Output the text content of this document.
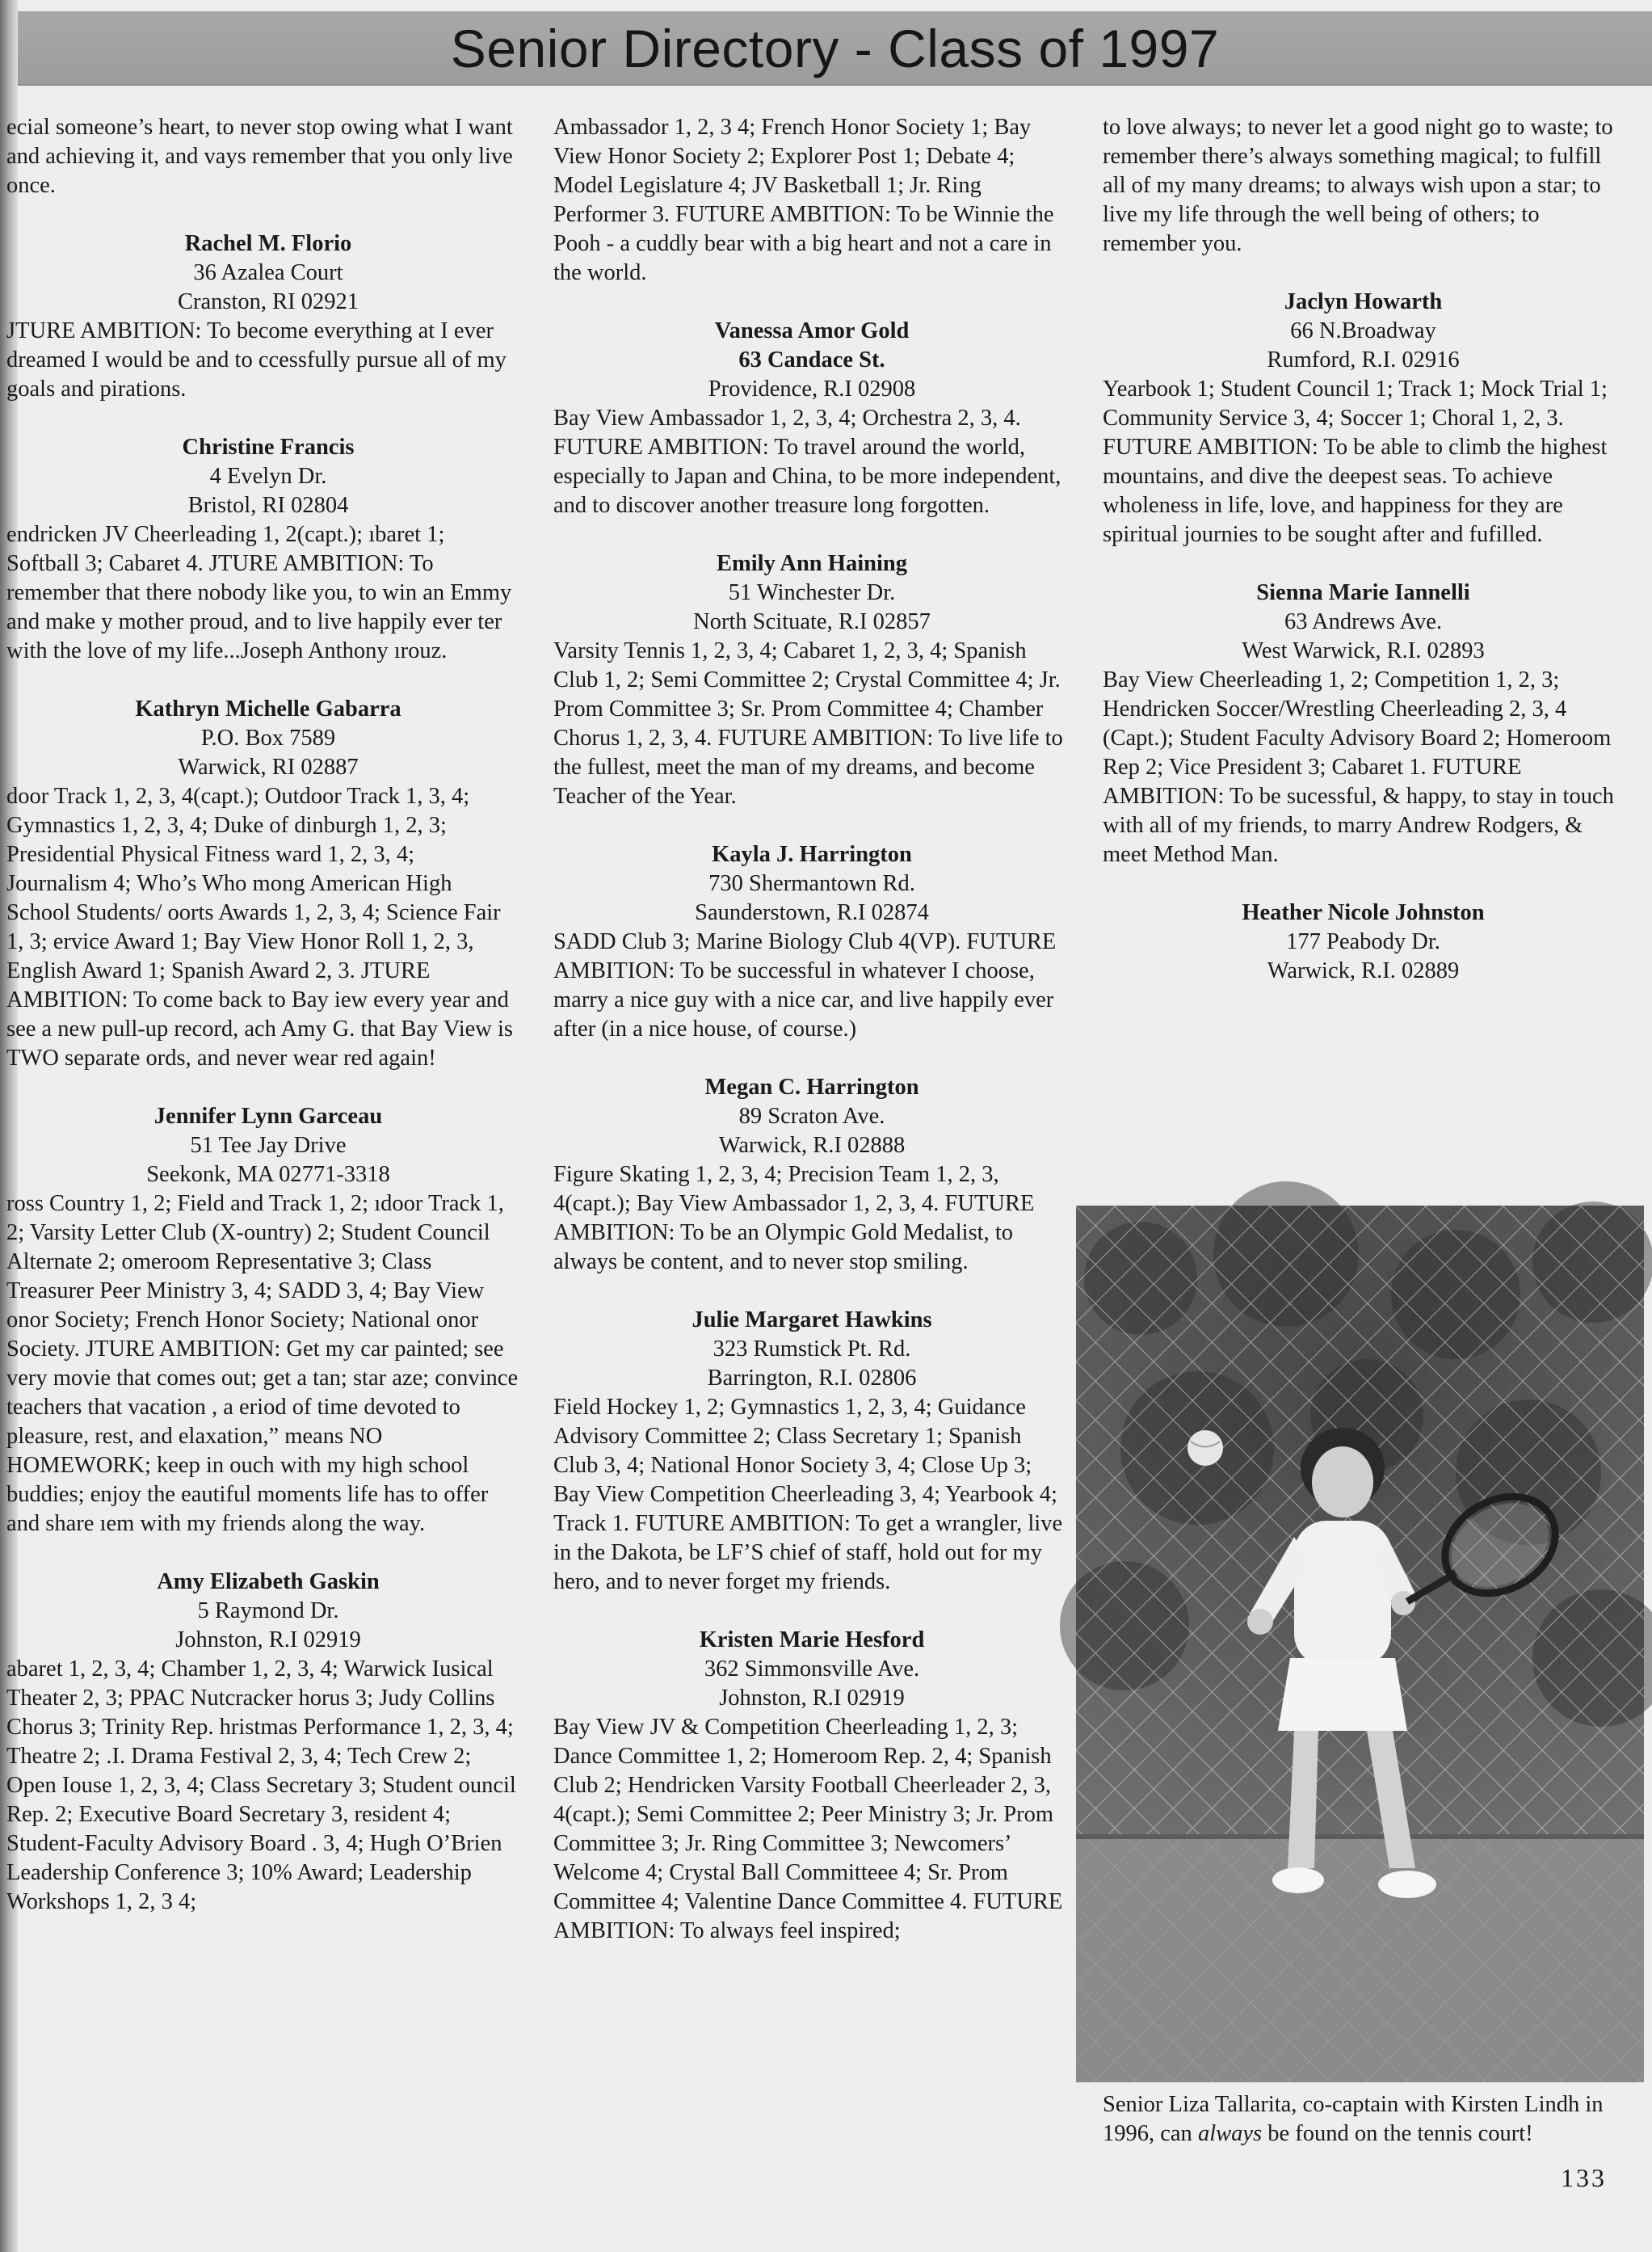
Senior Directory - Class of 1997

ecial someone’s heart, to never stop owing what I want and achieving it, and vays remember that you only live once.

Rachel M. Florio

36 Azalea Court

Cranston, RI 02921

JTURE AMBITION: To become everything at I ever dreamed I would be and to ccessfully pursue all of my goals and pirations.

Christine Francis

4 Evelyn Dr.

Bristol, RI 02804

endricken JV Cheerleading 1, 2(capt.); ıbaret 1; Softball 3; Cabaret 4. JTURE AMBITION: To remember that there nobody like you, to win an Emmy and make y mother proud, and to live happily ever ter with the love of my life...Joseph Anthony ırouz.

Kathryn Michelle Gabarra

P.O. Box 7589

Warwick, RI 02887

door Track 1, 2, 3, 4(capt.); Outdoor Track 1, 3, 4; Gymnastics 1, 2, 3, 4; Duke of dinburgh 1, 2, 3; Presidential Physical Fitness ward 1, 2, 3, 4; Journalism 4; Who’s Who mong American High School Students/ oorts Awards 1, 2, 3, 4; Science Fair 1, 3; ervice Award 1; Bay View Honor Roll 1, 2, 3, English Award 1; Spanish Award 2, 3. JTURE AMBITION: To come back to Bay iew every year and see a new pull-up record, ach Amy G. that Bay View is TWO separate ords, and never wear red again!

Jennifer Lynn Garceau

51 Tee Jay Drive

Seekonk, MA 02771-3318

ross Country 1, 2; Field and Track 1, 2; ıdoor Track 1, 2; Varsity Letter Club (X-ountry) 2; Student Council Alternate 2; omeroom Representative 3; Class Treasurer Peer Ministry 3, 4; SADD 3, 4; Bay View onor Society; French Honor Society; National onor Society. JTURE AMBITION: Get my car painted; see very movie that comes out; get a tan; star aze; convince teachers that vacation , a eriod of time devoted to pleasure, rest, and elaxation,” means NO HOMEWORK; keep in ouch with my high school buddies; enjoy the eautiful moments life has to offer and share ıem with my friends along the way.

Amy Elizabeth Gaskin

5 Raymond Dr.

Johnston, R.I 02919

abaret 1, 2, 3, 4; Chamber 1, 2, 3, 4; Warwick Iusical Theater 2, 3; PPAC Nutcracker horus 3; Judy Collins Chorus 3; Trinity Rep. hristmas Performance 1, 2, 3, 4; Theatre 2; .I. Drama Festival 2, 3, 4; Tech Crew 2; Open Iouse 1, 2, 3, 4; Class Secretary 3; Student ouncil Rep. 2; Executive Board Secretary 3, resident 4; Student-Faculty Advisory Board . 3, 4; Hugh O’Brien Leadership Conference 3; 10% Award; Leadership Workshops 1, 2, 3 4;

Ambassador 1, 2, 3 4; French Honor Society 1; Bay View Honor Society 2; Explorer Post 1; Debate 4; Model Legislature 4; JV Basketball 1; Jr. Ring Performer 3. FUTURE AMBITION: To be Winnie the Pooh - a cuddly bear with a big heart and not a care in the world.

Vanessa Amor Gold

63 Candace St.

Providence, R.I 02908

Bay View Ambassador 1, 2, 3, 4; Orchestra 2, 3, 4. FUTURE AMBITION: To travel around the world, especially to Japan and China, to be more independent, and to discover another treasure long forgotten.

Emily Ann Haining

51 Winchester Dr.

North Scituate, R.I 02857

Varsity Tennis 1, 2, 3, 4; Cabaret 1, 2, 3, 4; Spanish Club 1, 2; Semi Committee 2; Crystal Committee 4; Jr. Prom Committee 3; Sr. Prom Committee 4; Chamber Chorus 1, 2, 3, 4. FUTURE AMBITION: To live life to the fullest, meet the man of my dreams, and become Teacher of the Year.

Kayla J. Harrington

730 Shermantown Rd.

Saunderstown, R.I 02874

SADD Club 3; Marine Biology Club 4(VP). FUTURE AMBITION: To be successful in whatever I choose, marry a nice guy with a nice car, and live happily ever after (in a nice house, of course.)

Megan C. Harrington

89 Scraton Ave.

Warwick, R.I 02888

Figure Skating 1, 2, 3, 4; Precision Team 1, 2, 3, 4(capt.); Bay View Ambassador 1, 2, 3, 4. FUTURE AMBITION: To be an Olympic Gold Medalist, to always be content, and to never stop smiling.

Julie Margaret Hawkins

323 Rumstick Pt. Rd.

Barrington, R.I. 02806

Field Hockey 1, 2; Gymnastics 1, 2, 3, 4; Guidance Advisory Committee 2; Class Secretary 1; Spanish Club 3, 4; National Honor Society 3, 4; Close Up 3; Bay View Competition Cheerleading 3, 4; Yearbook 4; Track 1. FUTURE AMBITION: To get a wrangler, live in the Dakota, be LF’S chief of staff, hold out for my hero, and to never forget my friends.

Kristen Marie Hesford

362 Simmonsville Ave.

Johnston, R.I 02919

Bay View JV & Competition Cheerleading 1, 2, 3; Dance Committee 1, 2; Homeroom Rep. 2, 4; Spanish Club 2; Hendricken Varsity Football Cheerleader 2, 3, 4(capt.); Semi Committee 2; Peer Ministry 3; Jr. Prom Committee 3; Jr. Ring Committee 3; Newcomers’ Welcome 4; Crystal Ball Committeee 4; Sr. Prom Committee 4; Valentine Dance Committee 4. FUTURE AMBITION: To always feel inspired;

to love always; to never let a good night go to waste; to remember there’s always something magical; to fulfill all of my many dreams; to always wish upon a star; to live my life through the well being of others; to remember you.

Jaclyn Howarth

66 N.Broadway

Rumford, R.I. 02916

Yearbook 1; Student Council 1; Track 1; Mock Trial 1; Community Service 3, 4; Soccer 1; Choral 1, 2, 3. FUTURE AMBITION: To be able to climb the highest mountains, and dive the deepest seas. To achieve wholeness in life, love, and happiness for they are spiritual journies to be sought after and fufilled.

Sienna Marie Iannelli

63 Andrews Ave.

West Warwick, R.I. 02893

Bay View Cheerleading 1, 2; Competition 1, 2, 3; Hendricken Soccer/Wrestling Cheerleading 2, 3, 4 (Capt.); Student Faculty Advisory Board 2; Homeroom Rep 2; Vice President 3; Cabaret 1. FUTURE AMBITION: To be sucessful, & happy, to stay in touch with all of my friends, to marry Andrew Rodgers, & meet Method Man.

Heather Nicole Johnston

177 Peabody Dr.

Warwick, R.I. 02889

Senior Liza Tallarita, co-captain with Kirsten Lindh in 1996, can always be found on the tennis court!

133
